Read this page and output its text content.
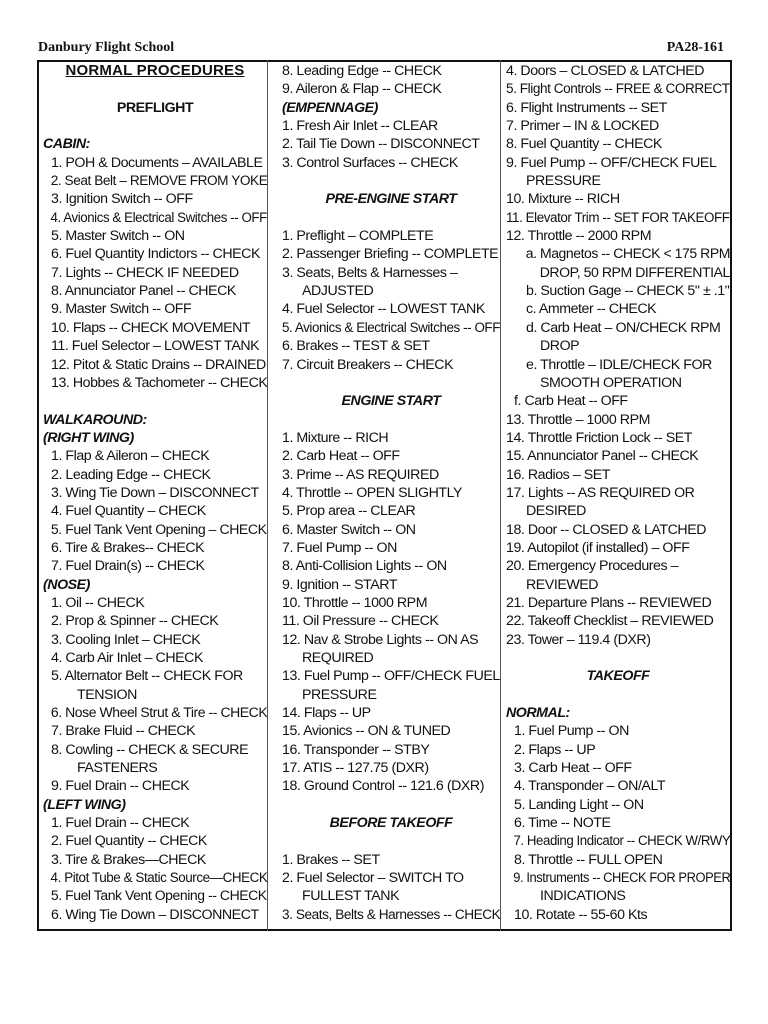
Danbury Flight School	PA28-161
NORMAL PROCEDURES
PREFLIGHT
CABIN:
1. POH & Documents – AVAILABLE
2. Seat Belt – REMOVE FROM YOKE
3. Ignition Switch -- OFF
4. Avionics & Electrical Switches -- OFF
5. Master Switch -- ON
6. Fuel Quantity Indictors -- CHECK
7. Lights -- CHECK IF NEEDED
8. Annunciator Panel -- CHECK
9. Master Switch -- OFF
10. Flaps -- CHECK MOVEMENT
11. Fuel Selector – LOWEST TANK
12. Pitot & Static Drains -- DRAINED
13. Hobbes & Tachometer -- CHECK
WALKAROUND:
(RIGHT WING)
1. Flap & Aileron – CHECK
2. Leading Edge -- CHECK
3. Wing Tie Down – DISCONNECT
4. Fuel Quantity – CHECK
5. Fuel Tank Vent Opening – CHECK
6. Tire & Brakes-- CHECK
7. Fuel Drain(s) -- CHECK
(NOSE)
1. Oil -- CHECK
2. Prop & Spinner -- CHECK
3. Cooling Inlet – CHECK
4. Carb Air Inlet – CHECK
5. Alternator Belt -- CHECK FOR
TENSION
6. Nose Wheel Strut & Tire -- CHECK
7. Brake Fluid -- CHECK
8. Cowling -- CHECK & SECURE
FASTENERS
9. Fuel Drain -- CHECK
(LEFT WING)
1. Fuel Drain -- CHECK
2. Fuel Quantity -- CHECK
3. Tire & Brakes—CHECK
4. Pitot Tube & Static Source—CHECK
5. Fuel Tank Vent Opening -- CHECK
6. Wing Tie Down – DISCONNECT
8. Leading Edge -- CHECK
9. Aileron & Flap -- CHECK
(EMPENNAGE)
1. Fresh Air Inlet -- CLEAR
2. Tail Tie Down -- DISCONNECT
3. Control Surfaces -- CHECK
PRE-ENGINE START
1. Preflight – COMPLETE
2. Passenger Briefing -- COMPLETE
3. Seats, Belts & Harnesses –
ADJUSTED
4. Fuel Selector -- LOWEST TANK
5. Avionics & Electrical Switches -- OFF
6. Brakes -- TEST & SET
7. Circuit Breakers -- CHECK
ENGINE START
1. Mixture -- RICH
2. Carb Heat -- OFF
3. Prime -- AS REQUIRED
4. Throttle -- OPEN SLIGHTLY
5. Prop area -- CLEAR
6. Master Switch -- ON
7. Fuel Pump -- ON
8. Anti-Collision Lights -- ON
9. Ignition -- START
10. Throttle -- 1000 RPM
11. Oil Pressure -- CHECK
12. Nav & Strobe Lights -- ON AS
REQUIRED
13. Fuel Pump -- OFF/CHECK FUEL
PRESSURE
14. Flaps -- UP
15. Avionics -- ON & TUNED
16. Transponder -- STBY
17. ATIS -- 127.75 (DXR)
18. Ground Control -- 121.6 (DXR)
BEFORE TAKEOFF
1. Brakes -- SET
2. Fuel Selector – SWITCH TO
FULLEST TANK
3. Seats, Belts & Harnesses -- CHECK
4. Doors – CLOSED & LATCHED
5. Flight Controls -- FREE & CORRECT
6. Flight Instruments -- SET
7. Primer – IN & LOCKED
8. Fuel Quantity -- CHECK
9. Fuel Pump -- OFF/CHECK FUEL
PRESSURE
10. Mixture -- RICH
11. Elevator Trim -- SET FOR TAKEOFF
12. Throttle -- 2000 RPM
a. Magnetos -- CHECK < 175 RPM
DROP, 50 RPM DIFFERENTIAL
b. Suction Gage -- CHECK 5" ± .1"
c. Ammeter -- CHECK
d. Carb Heat – ON/CHECK RPM
DROP
e. Throttle – IDLE/CHECK FOR
SMOOTH OPERATION
f. Carb Heat -- OFF
13. Throttle – 1000 RPM
14. Throttle Friction Lock -- SET
15. Annunciator Panel -- CHECK
16. Radios – SET
17. Lights -- AS REQUIRED OR
DESIRED
18. Door -- CLOSED & LATCHED
19. Autopilot (if installed) – OFF
20. Emergency Procedures –
REVIEWED
21. Departure Plans -- REVIEWED
22. Takeoff Checklist – REVIEWED
23. Tower – 119.4 (DXR)
TAKEOFF
NORMAL:
1. Fuel Pump -- ON
2. Flaps -- UP
3. Carb Heat -- OFF
4. Transponder – ON/ALT
5. Landing Light -- ON
6. Time -- NOTE
7. Heading Indicator -- CHECK W/RWY
8. Throttle -- FULL OPEN
9. Instruments -- CHECK FOR PROPER
INDICATIONS
10. Rotate -- 55-60 Kts
